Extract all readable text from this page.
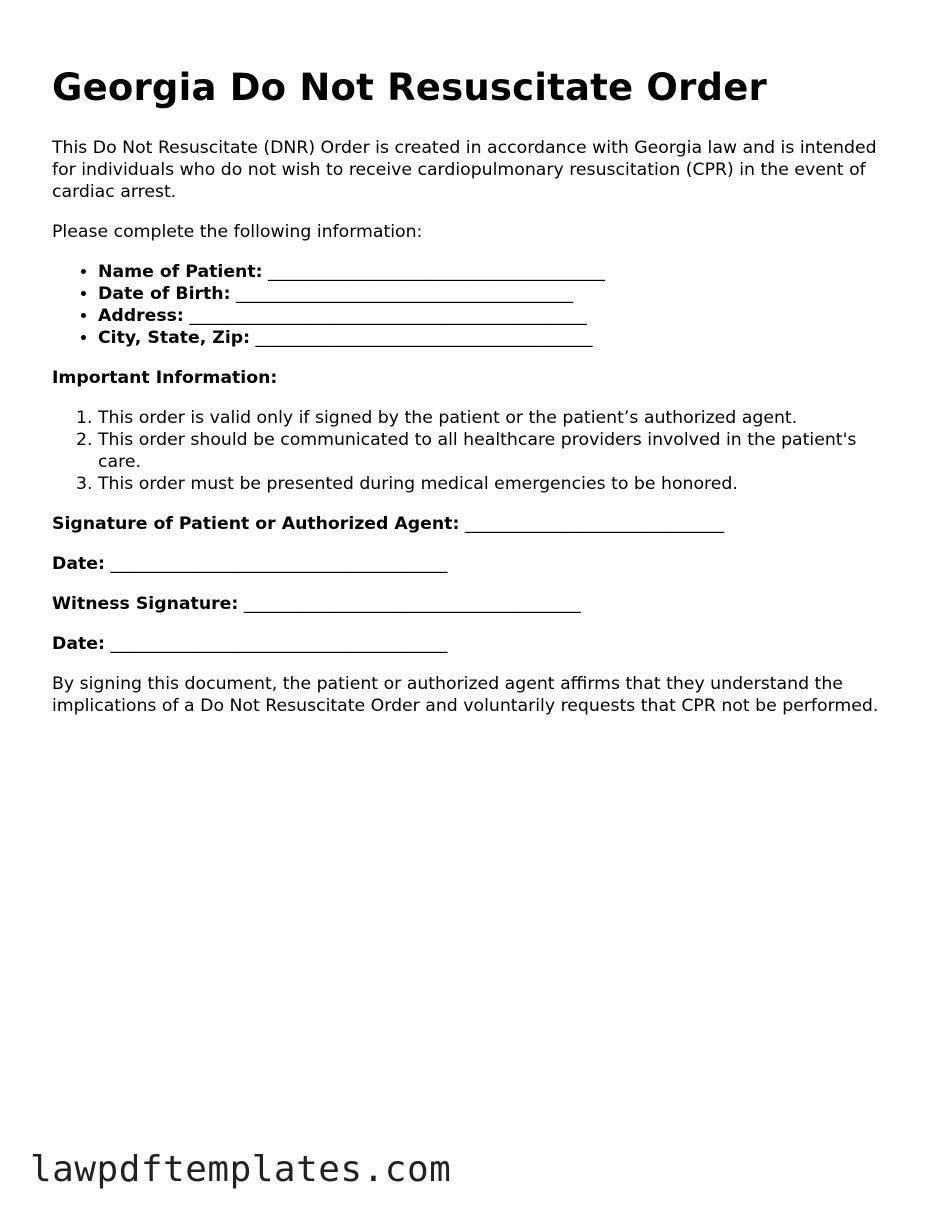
Georgia Do Not Resuscitate Order

This Do Not Resuscitate (DNR) Order is created in accordance with Georgia law and is intended for individuals who do not wish to receive cardiopulmonary resuscitation (CPR) in the event of cardiac arrest.

Please complete the following information:

• Name of Patient: _______________________________________
• Date of Birth: _______________________________________
• Address: ______________________________________________
• City, State, Zip: _______________________________________

Important Information:

1. This order is valid only if signed by the patient or the patient’s authorized agent.
2. This order should be communicated to all healthcare providers involved in the patient's care.
3. This order must be presented during medical emergencies to be honored.

Signature of Patient or Authorized Agent: ______________________________

Date: _______________________________________

Witness Signature: _______________________________________

Date: _______________________________________

By signing this document, the patient or authorized agent affirms that they understand the implications of a Do Not Resuscitate Order and voluntarily requests that CPR not be performed.

lawpdftemplates.com
